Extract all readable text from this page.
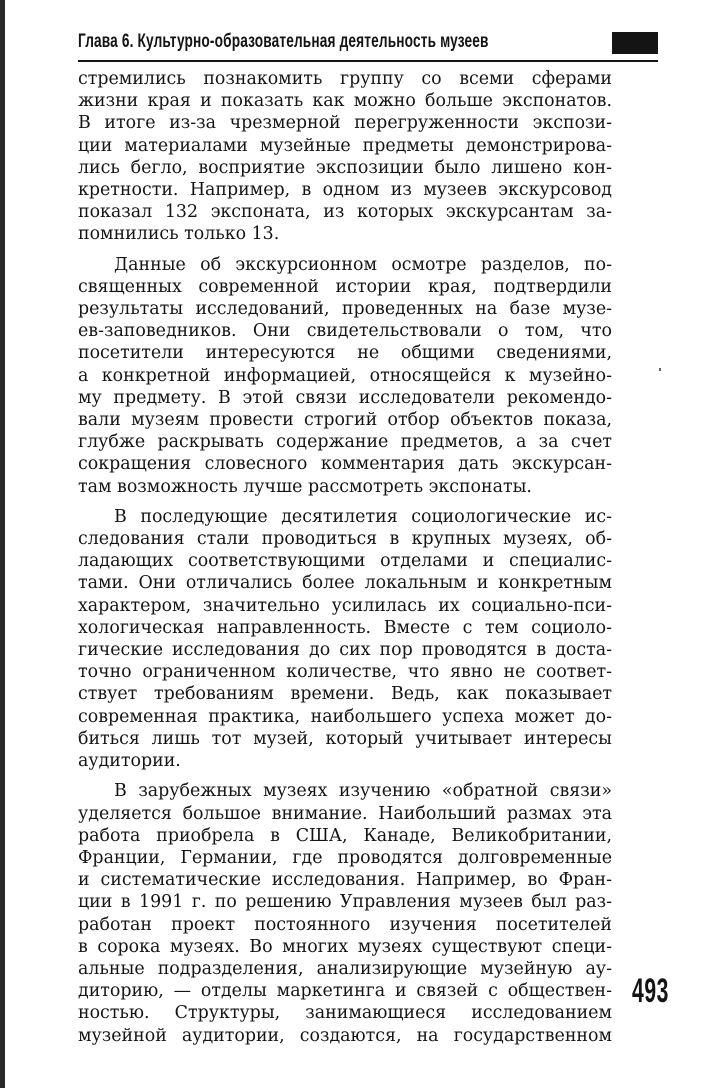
Глава 6. Культурно-образовательная деятельность музеев

стремились познакомить группу со всеми сферами
жизни края и показать как можно больше экспонатов.
В итоге из-за чрезмерной перегруженности экспози-
ции материалами музейные предметы демонстрирова-
лись бегло, восприятие экспозиции было лишено кон-
кретности. Например, в одном из музеев экскурсовод
показал 132 экспоната, из которых экскурсантам за-
помнились только 13.

Данные об экскурсионном осмотре разделов, по-
священных современной истории края, подтвердили
результаты исследований, проведенных на базе музе-
ев-заповедников. Они свидетельствовали о том, что
посетители интересуются не общими сведениями,
а конкретной информацией, относящейся к музейно-
му предмету. В этой связи исследователи рекомендо-
вали музеям провести строгий отбор объектов показа,
глубже раскрывать содержание предметов, а за счет
сокращения словесного комментария дать экскурсан-
там возможность лучше рассмотреть экспонаты.

В последующие десятилетия социологические ис-
следования стали проводиться в крупных музеях, об-
ладающих соответствующими отделами и специалис-
тами. Они отличались более локальным и конкретным
характером, значительно усилилась их социально-пси-
хологическая направленность. Вместе с тем социоло-
гические исследования до сих пор проводятся в доста-
точно ограниченном количестве, что явно не соответ-
ствует требованиям времени. Ведь, как показывает
современная практика, наибольшего успеха может до-
биться лишь тот музей, который учитывает интересы
аудитории.

В зарубежных музеях изучению «обратной связи»
уделяется большое внимание. Наибольший размах эта
работа приобрела в США, Канаде, Великобритании,
Франции, Германии, где проводятся долговременные
и систематические исследования. Например, во Фран-
ции в 1991 г. по решению Управления музеев был раз-
работан проект постоянного изучения посетителей
в сорока музеях. Во многих музеях существуют специ-
альные подразделения, анализирующие музейную ау-
диторию, — отделы маркетинга и связей с обществен-
ностью. Структуры, занимающиеся исследованием
музейной аудитории, создаются, на государственном

493
